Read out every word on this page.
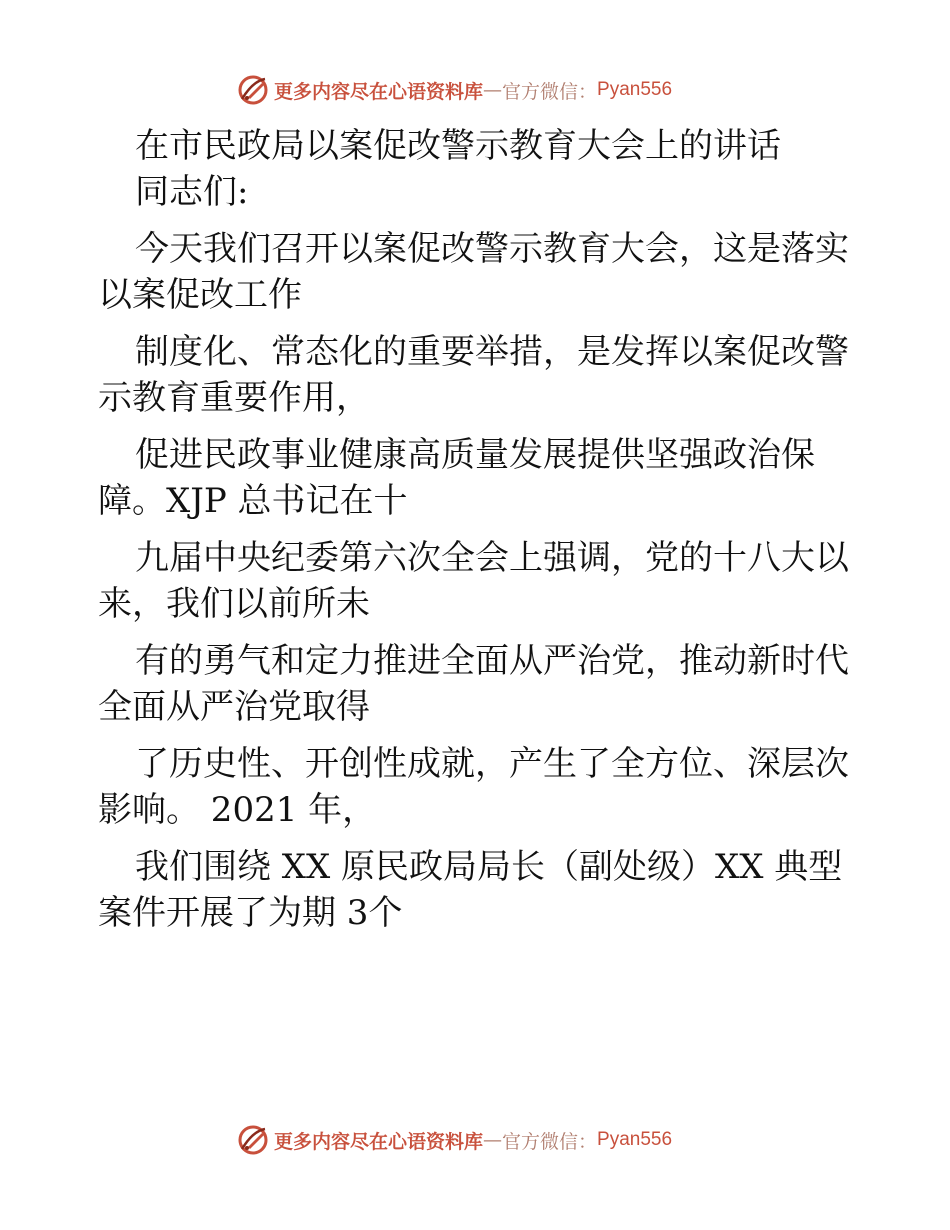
更多内容尽在心语资料库 — 官方微信： Pyan556
在市民政局以案促改警示教育大会上的讲话
同志们:
今天我们召开以案促改警示教育大会，这是落实
以案促改工作
制度化、常态化的重要举措，是发挥以案促改警
示教育重要作用，
促进民政事业健康高质量发展提供坚强政治保
障。XJP 总书记在十
九届中央纪委第六次全会上强调，党的十八大以
来，我们以前所未
有的勇气和定力推进全面从严治党，推动新时代
全面从严治党取得
了历史性、开创性成就，产生了全方位、深层次
影响。 2021 年，
我们围绕 XX 原民政局局长（副处级）XX 典型
案件开展了为期 3个
更多内容尽在心语资料库 — 官方微信： Pyan556
